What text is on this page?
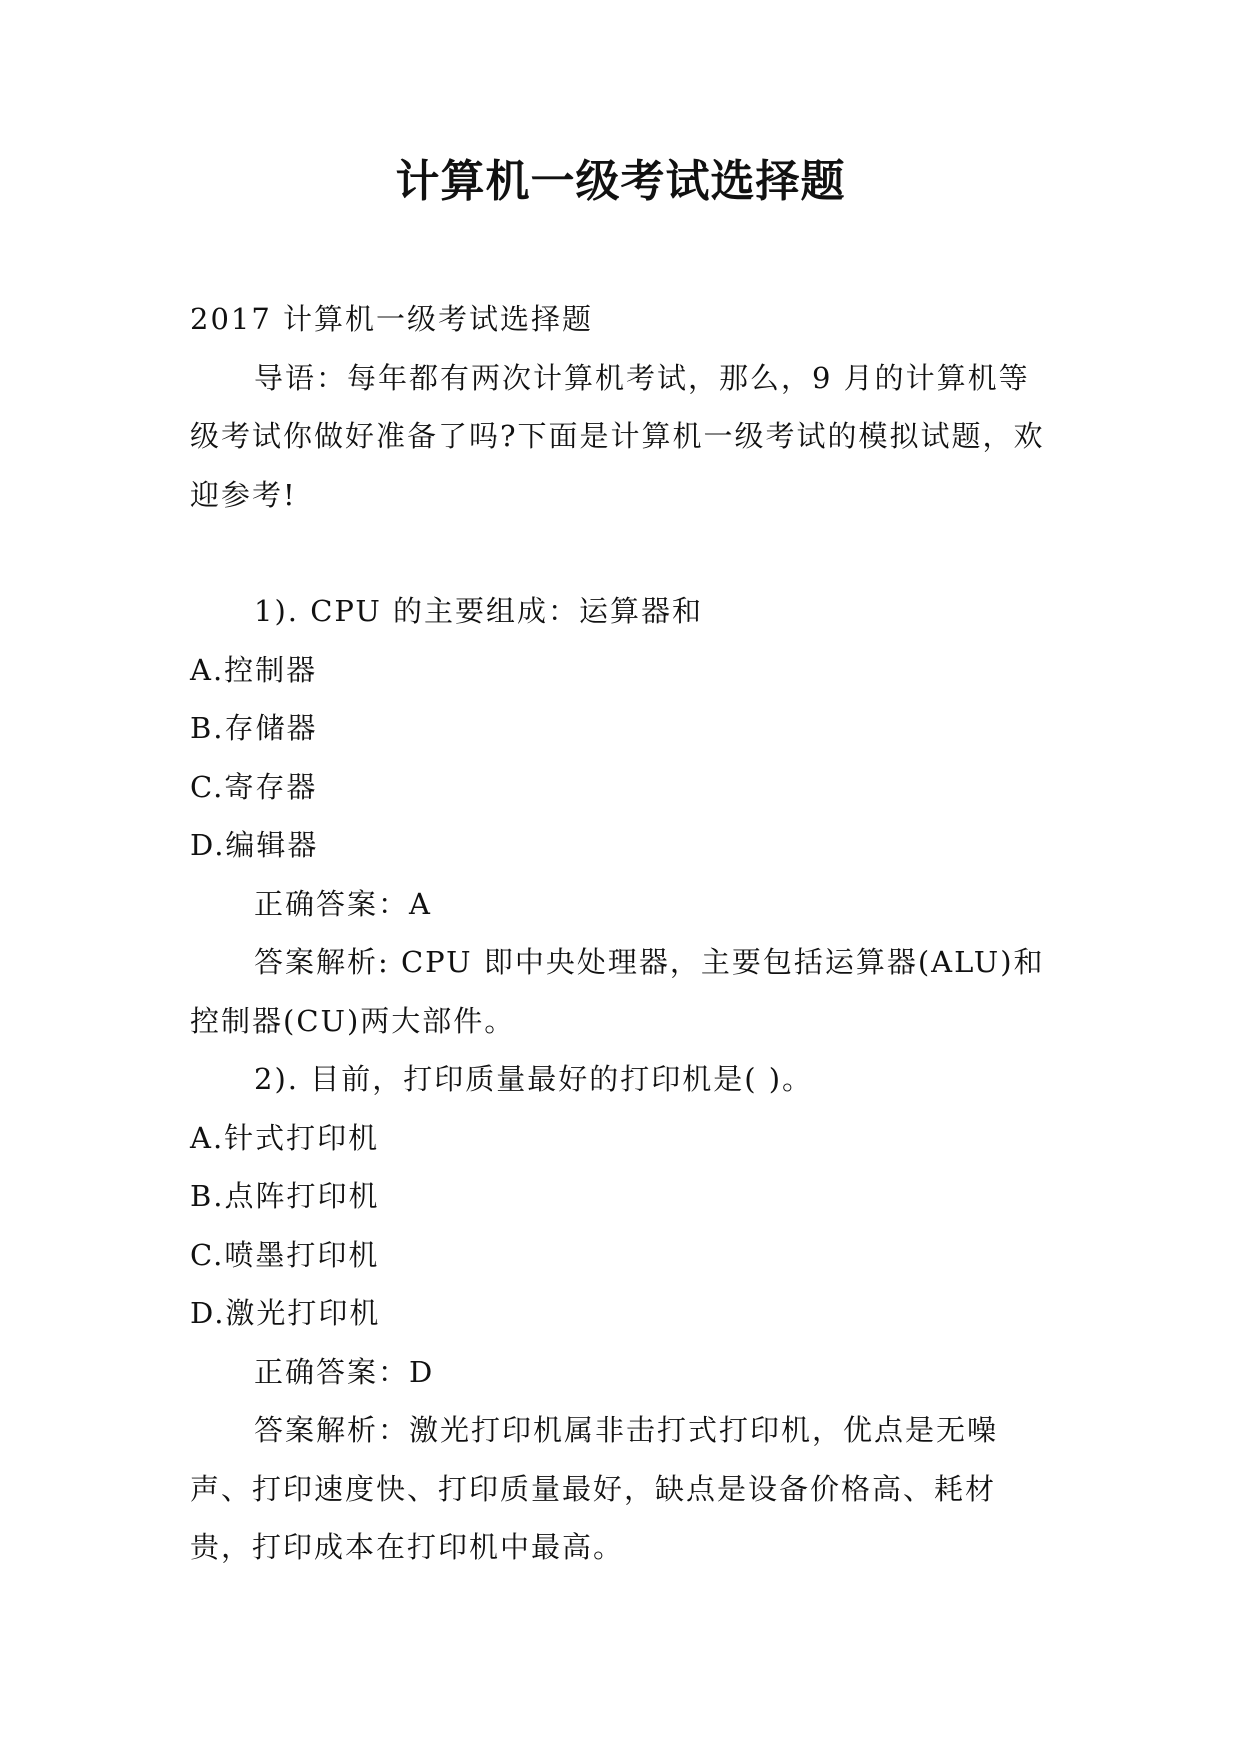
计算机一级考试选择题

2017 计算机一级考试选择题

导语：每年都有两次计算机考试，那么，9 月的计算机等级考试你做好准备了吗?下面是计算机一级考试的模拟试题，欢迎参考!

1). CPU 的主要组成：运算器和

A.控制器

B.存储器

C.寄存器

D.编辑器

正确答案：A

答案解析: CPU 即中央处理器，主要包括运算器(ALU)和控制器(CU)两大部件。

2). 目前，打印质量最好的打印机是( )。

A.针式打印机

B.点阵打印机

C.喷墨打印机

D.激光打印机

正确答案：D

答案解析：激光打印机属非击打式打印机，优点是无噪声、打印速度快、打印质量最好，缺点是设备价格高、耗材贵，打印成本在打印机中最高。
